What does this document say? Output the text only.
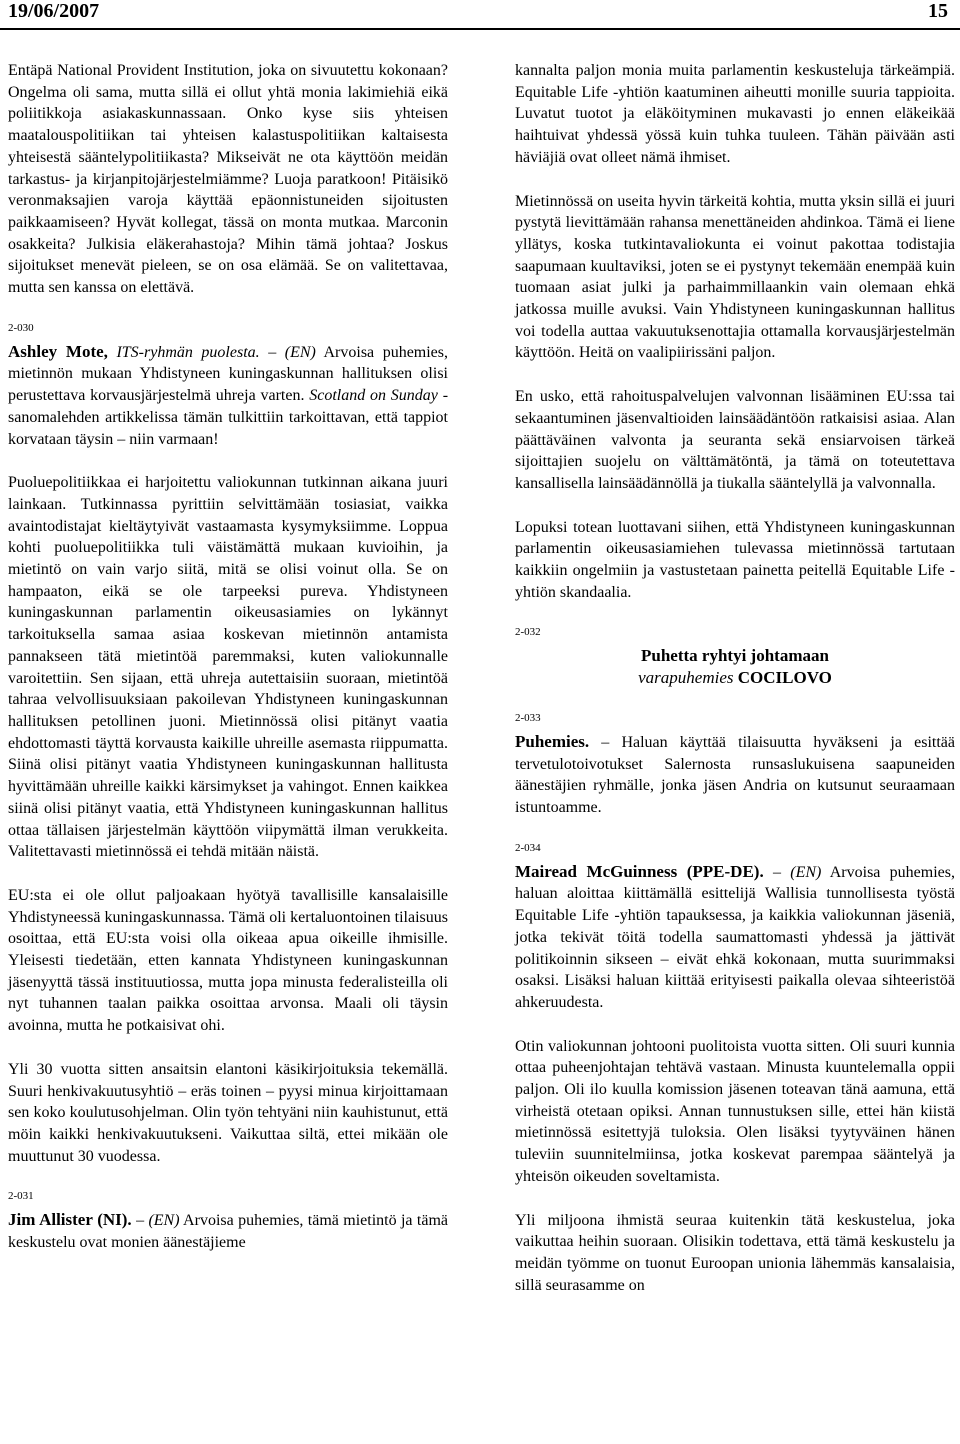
19/06/2007	15

Entäpä National Provident Institution, joka on sivuutettu kokonaan? Ongelma oli sama, mutta sillä ei ollut yhtä monia lakimiehiä eikä poliitikkoja asiakaskunnassaan. Onko kyse siis yhteisen maatalouspolitiikan tai yhteisen kalastuspolitiikan kaltaisesta yhteisestä sääntelypolitiikasta? Mikseivät ne ota käyttöön meidän tarkastus- ja kirjanpitojärjestelmiämme? Luoja paratkoon! Pitäisikö veronmaksajien varoja käyttää epäonnistuneiden sijoitusten paikkaamiseen? Hyvät kollegat, tässä on monta mutkaa. Marconin osakkeita? Julkisia eläkerahastoja? Mihin tämä johtaa? Joskus sijoitukset menevät pieleen, se on osa elämää. Se on valitettavaa, mutta sen kanssa on elettävä.

2-030

Ashley Mote, ITS-ryhmän puolesta. – (EN) Arvoisa puhemies, mietinnön mukaan Yhdistyneen kuningaskunnan hallituksen olisi perustettava korvausjärjestelmä uhreja varten. Scotland on Sunday -sanomalehden artikkelissa tämän tulkittiin tarkoittavan, että tappiot korvataan täysin – niin varmaan!

Puoluepolitiikkaa ei harjoitettu valiokunnan tutkinnan aikana juuri lainkaan. Tutkinnassa pyrittiin selvittämään tosiasiat, vaikka avaintodistajat kieltäytyivät vastaamasta kysymyksiimme. Loppua kohti puoluepolitiikka tuli väistämättä mukaan kuvioihin, ja mietintö on vain varjo siitä, mitä se olisi voinut olla. Se on hampaaton, eikä se ole tarpeeksi pureva. Yhdistyneen kuningaskunnan parlamentin oikeusasiamies on lykännyt tarkoituksella samaa asiaa koskevan mietinnön antamista pannakseen tätä mietintöä paremmaksi, kuten valiokunnalle varoitettiin. Sen sijaan, että uhreja autettaisiin suoraan, mietintöä tahraa velvollisuuksiaan pakoilevan Yhdistyneen kuningaskunnan hallituksen petollinen juoni. Mietinnössä olisi pitänyt vaatia ehdottomasti täyttä korvausta kaikille uhreille asemasta riippumatta. Siinä olisi pitänyt vaatia Yhdistyneen kuningaskunnan hallitusta hyvittämään uhreille kaikki kärsimykset ja vahingot. Ennen kaikkea siinä olisi pitänyt vaatia, että Yhdistyneen kuningaskunnan hallitus ottaa tällaisen järjestelmän käyttöön viipymättä ilman verukkeita. Valitettavasti mietinnössä ei tehdä mitään näistä.

EU:sta ei ole ollut paljoakaan hyötyä tavallisille kansalaisille Yhdistyneessä kuningaskunnassa. Tämä oli kertaluontoinen tilaisuus osoittaa, että EU:sta voisi olla oikeaa apua oikeille ihmisille. Yleisesti tiedetään, etten kannata Yhdistyneen kuningaskunnan jäsenyyttä tässä instituutiossa, mutta jopa minusta federalisteilla oli nyt tuhannen taalan paikka osoittaa arvonsa. Maali oli täysin avoinna, mutta he potkaisivat ohi.

Yli 30 vuotta sitten ansaitsin elantoni käsikirjoituksia tekemällä. Suuri henkivakuutusyhtiö – eräs toinen – pyysi minua kirjoittamaan sen koko koulutusohjelman. Olin työn tehtyäni niin kauhistunut, että möin kaikki henkivakuutukseni. Vaikuttaa siltä, ettei mikään ole muuttunut 30 vuodessa.

2-031

Jim Allister (NI). – (EN) Arvoisa puhemies, tämä mietintö ja tämä keskustelu ovat monien äänestäjieme

kannalta paljon monia muita parlamentin keskusteluja tärkeämpiä. Equitable Life -yhtiön kaatuminen aiheutti monille suuria tappioita. Luvatut tuotot ja eläköityminen mukavasti jo ennen eläkeikää haihtuivat yhdessä yössä kuin tuhka tuuleen. Tähän päivään asti häviäjiä ovat olleet nämä ihmiset.

Mietinnössä on useita hyvin tärkeitä kohtia, mutta yksin sillä ei juuri pystytä lievittämään rahansa menettäneiden ahdinkoa. Tämä ei liene yllätys, koska tutkintavaliokunta ei voinut pakottaa todistajia saapumaan kuultaviksi, joten se ei pystynyt tekemään enempää kuin tuomaan asiat julki ja parhaimmillaankin vain olemaan ehkä jatkossa muille avuksi. Vain Yhdistyneen kuningaskunnan hallitus voi todella auttaa vakuutuksenottajia ottamalla korvausjärjestelmän käyttöön. Heitä on vaalipiirissäni paljon.

En usko, että rahoituspalvelujen valvonnan lisääminen EU:ssa tai sekaantuminen jäsenvaltioiden lainsäädäntöön ratkaisisi asiaa. Alan päättäväinen valvonta ja seuranta sekä ensiarvoisen tärkeä sijoittajien suojelu on välttämätöntä, ja tämä on toteutettava kansallisella lainsäädännöllä ja tiukalla sääntelyllä ja valvonnalla.

Lopuksi totean luottavani siihen, että Yhdistyneen kuningaskunnan parlamentin oikeusasiamiehen tulevassa mietinnössä tartutaan kaikkiin ongelmiin ja vastustetaan painetta peitellä Equitable Life -yhtiön skandaalia.

2-032
Puhetta ryhtyi johtamaan
varapuhemies COCILOVO
2-033

Puhemies. – Haluan käyttää tilaisuutta hyväkseni ja esittää tervetulotoivotukset Salernosta runsaslukuisena saapuneiden äänestäjien ryhmälle, jonka jäsen Andria on kutsunut seuraamaan istuntoamme.

2-034

Mairead McGuinness (PPE-DE). – (EN) Arvoisa puhemies, haluan aloittaa kiittämällä esittelijä Wallisia tunnollisesta työstä Equitable Life -yhtiön tapauksessa, ja kaikkia valiokunnan jäseniä, jotka tekivät töitä todella saumattomasti yhdessä ja jättivät politikoinnin sikseen – eivät ehkä kokonaan, mutta suurimmaksi osaksi. Lisäksi haluan kiittää erityisesti paikalla olevaa sihteeristöä ahkeruudesta.

Otin valiokunnan johtooni puolitoista vuotta sitten. Oli suuri kunnia ottaa puheenjohtajan tehtävä vastaan. Minusta kuuntelemalla oppii paljon. Oli ilo kuulla komission jäsenen toteavan tänä aamuna, että virheistä otetaan opiksi. Annan tunnustuksen sille, ettei hän kiistä mietinnössä esitettyjä tuloksia. Olen lisäksi tyytyväinen hänen tuleviin suunnitelmiinsa, jotka koskevat parempaa sääntelyä ja yhteisön oikeuden soveltamista.

Yli miljoona ihmistä seuraa kuitenkin tätä keskustelua, joka vaikuttaa heihin suoraan. Olisikin todettava, että tämä keskustelu ja meidän työmme on tuonut Euroopan unionia lähemmäs kansalaisia, sillä seurasamme on
